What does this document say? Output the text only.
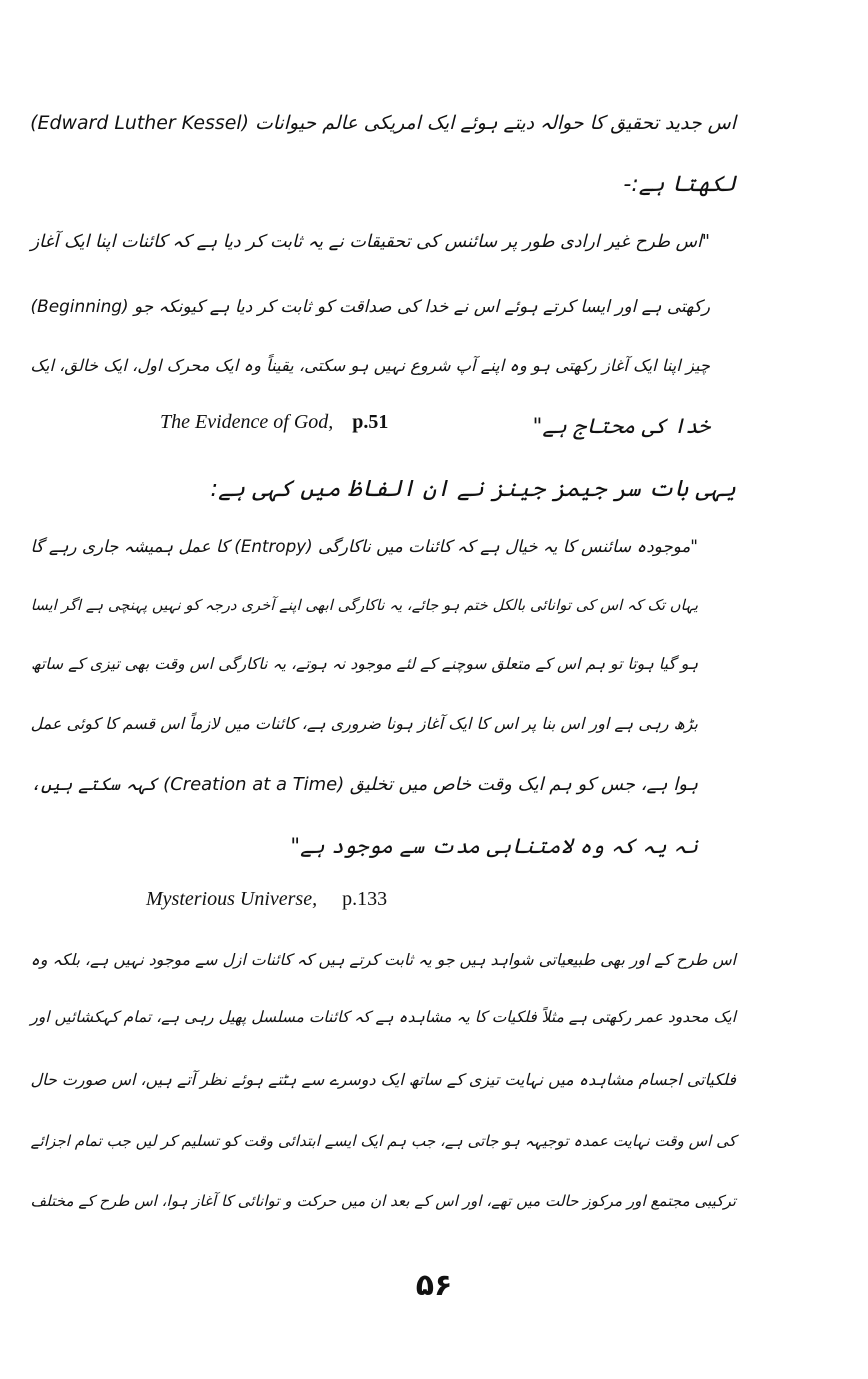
اس جدید تحقیق کا حوالہ دیتے ہوئے ایک امریکی عالم حیوانات (Edward Luther Kessel)
لکھتا ہے:-
"اس طرح غیر ارادی طور پر سائنس کی تحقیقات نے یہ ثابت کر دیا ہے کہ کائنات اپنا ایک آغاز
(Beginning) رکھتی ہے اور ایسا کرتے ہوئے اس نے خدا کی صداقت کو ثابت کر دیا ہے کیونکہ جو
چیز اپنا ایک آغاز رکھتی ہو وہ اپنے آپ شروع نہیں ہو سکتی، یقیناً وہ ایک محرک اول، ایک خالق، ایک
خدا کی محتاج ہے"
The Evidence of God, p.51
یہی بات سر جیمز جینز نے ان الفاظ میں کہی ہے:
"موجودہ سائنس کا یہ خیال ہے کہ کائنات میں ناکارگی (Entropy) کا عمل ہمیشہ جاری رہے گا
یہاں تک کہ اس کی توانائی بالکل ختم ہو جائے، یہ ناکارگی ابھی اپنے آخری درجہ کو نہیں پہنچی ہے اگر ایسا
ہو گیا ہوتا تو ہم اس کے متعلق سوچنے کے لئے موجود نہ ہوتے، یہ ناکارگی اس وقت بھی تیزی کے ساتھ
بڑھ رہی ہے اور اس بنا پر اس کا ایک آغاز ہونا ضروری ہے، کائنات میں لازماً اس قسم کا کوئی عمل
ہوا ہے، جس کو ہم ایک وقت خاص میں تخلیق (Creation at a Time) کہہ سکتے ہیں،
نہ یہ کہ وہ لامتناہی مدت سے موجود ہے"
Mysterious Universe, p.133
اس طرح کے اور بھی طبیعیاتی شواہد ہیں جو یہ ثابت کرتے ہیں کہ کائنات ازل سے موجود نہیں ہے، بلکہ وہ
ایک محدود عمر رکھتی ہے مثلاً فلکیات کا یہ مشاہدہ ہے کہ کائنات مسلسل پھیل رہی ہے، تمام کہکشائیں اور
فلکیاتی اجسام مشاہدہ میں نہایت تیزی کے ساتھ ایک دوسرے سے ہٹتے ہوئے نظر آتے ہیں، اس صورت حال
کی اس وقت نہایت عمدہ توجیہہ ہو جاتی ہے، جب ہم ایک ایسے ابتدائی وقت کو تسلیم کر لیں جب تمام اجزائے
ترکیبی مجتمع اور مرکوز حالت میں تھے، اور اس کے بعد ان میں حرکت و توانائی کا آغاز ہوا، اس طرح کے مختلف
۵۶
